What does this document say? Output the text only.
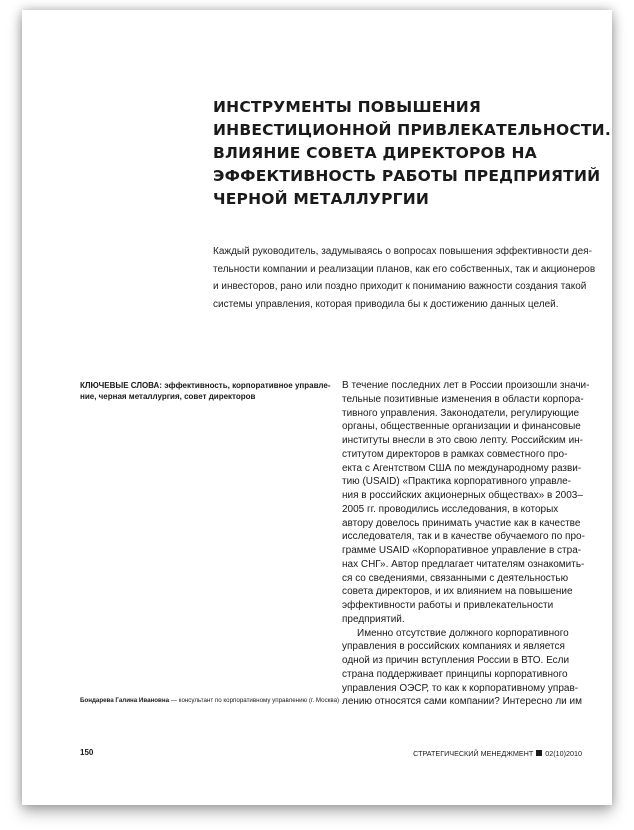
ИНСТРУМЕНТЫ ПОВЫШЕНИЯ
ИНВЕСТИЦИОННОЙ ПРИВЛЕКАТЕЛЬНОСТИ.
ВЛИЯНИЕ СОВЕТА ДИРЕКТОРОВ НА
ЭФФЕКТИВНОСТЬ РАБОТЫ ПРЕДПРИЯТИЙ
ЧЕРНОЙ МЕТАЛЛУРГИИ
Каждый руководитель, задумываясь о вопросах повышения эффективности дея-
тельности компании и реализации планов, как его собственных, так и акционеров
и инвесторов, рано или поздно приходит к пониманию важности создания такой
системы управления, которая приводила бы к достижению данных целей.
КЛЮЧЕВЫЕ СЛОВА: эффективность, корпоративное управле-
ние, черная металлургия, совет директоров
Бондарева Галина Ивановна — консультант по корпоративному управлению (г. Москва)
В течение последних лет в России произошли значи-
тельные позитивные изменения в области корпора-
тивного управления. Законодатели, регулирующие
органы, общественные организации и финансовые
институты внесли в это свою лепту. Российским ин-
ститутом директоров в рамках совместного про-
екта с Агентством США по международному разви-
тию (USAID) «Практика корпоративного управле-
ния в российских акционерных обществах» в 2003–
2005 гг. проводились исследования, в которых
автору довелось принимать участие как в качестве
исследователя, так и в качестве обучаемого по про-
грамме USAID «Корпоративное управление в стра-
нах СНГ». Автор предлагает читателям ознакомить-
ся со сведениями, связанными с деятельностью
совета директоров, и их влиянием на повышение
эффективности работы и привлекательности
предприятий.
Именно отсутствие должного корпоративного
управления в российских компаниях и является
одной из причин вступления России в ВТО. Если
страна поддерживает принципы корпоративного
управления ОЭСР, то как к корпоративному управ-
лению относятся сами компании? Интересно ли им
150	СТРАТЕГИЧЕСКИЙ МЕНЕДЖМЕНТ 02(10)2010
